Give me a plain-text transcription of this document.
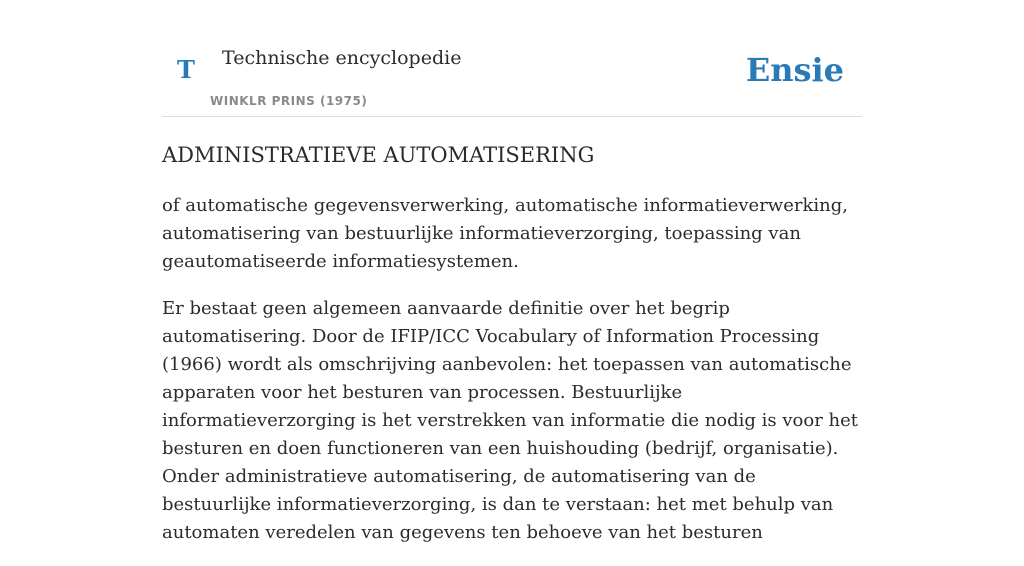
T Technische encyclopedie
WINKLR PRINS (1975)
Ensie
ADMINISTRATIEVE AUTOMATISERING

of automatische gegevensverwerking, automatische informatieverwerking, automatisering van bestuurlijke informatieverzorging, toepassing van geautomatiseerde informatiesystemen.

Er bestaat geen algemeen aanvaarde definitie over het begrip automatisering. Door de IFIP/ICC Vocabulary of Information Processing (1966) wordt als omschrijving aanbevolen: het toepassen van automatische apparaten voor het besturen van processen. Bestuurlijke informatieverzorging is het verstrekken van informatie die nodig is voor het besturen en doen functioneren van een huishouding (bedrijf, organisatie). Onder administratieve automatisering, de automatisering van de bestuurlijke informatieverzorging, is dan te verstaan: het met behulp van automaten veredelen van gegevens ten behoeve van het besturen
